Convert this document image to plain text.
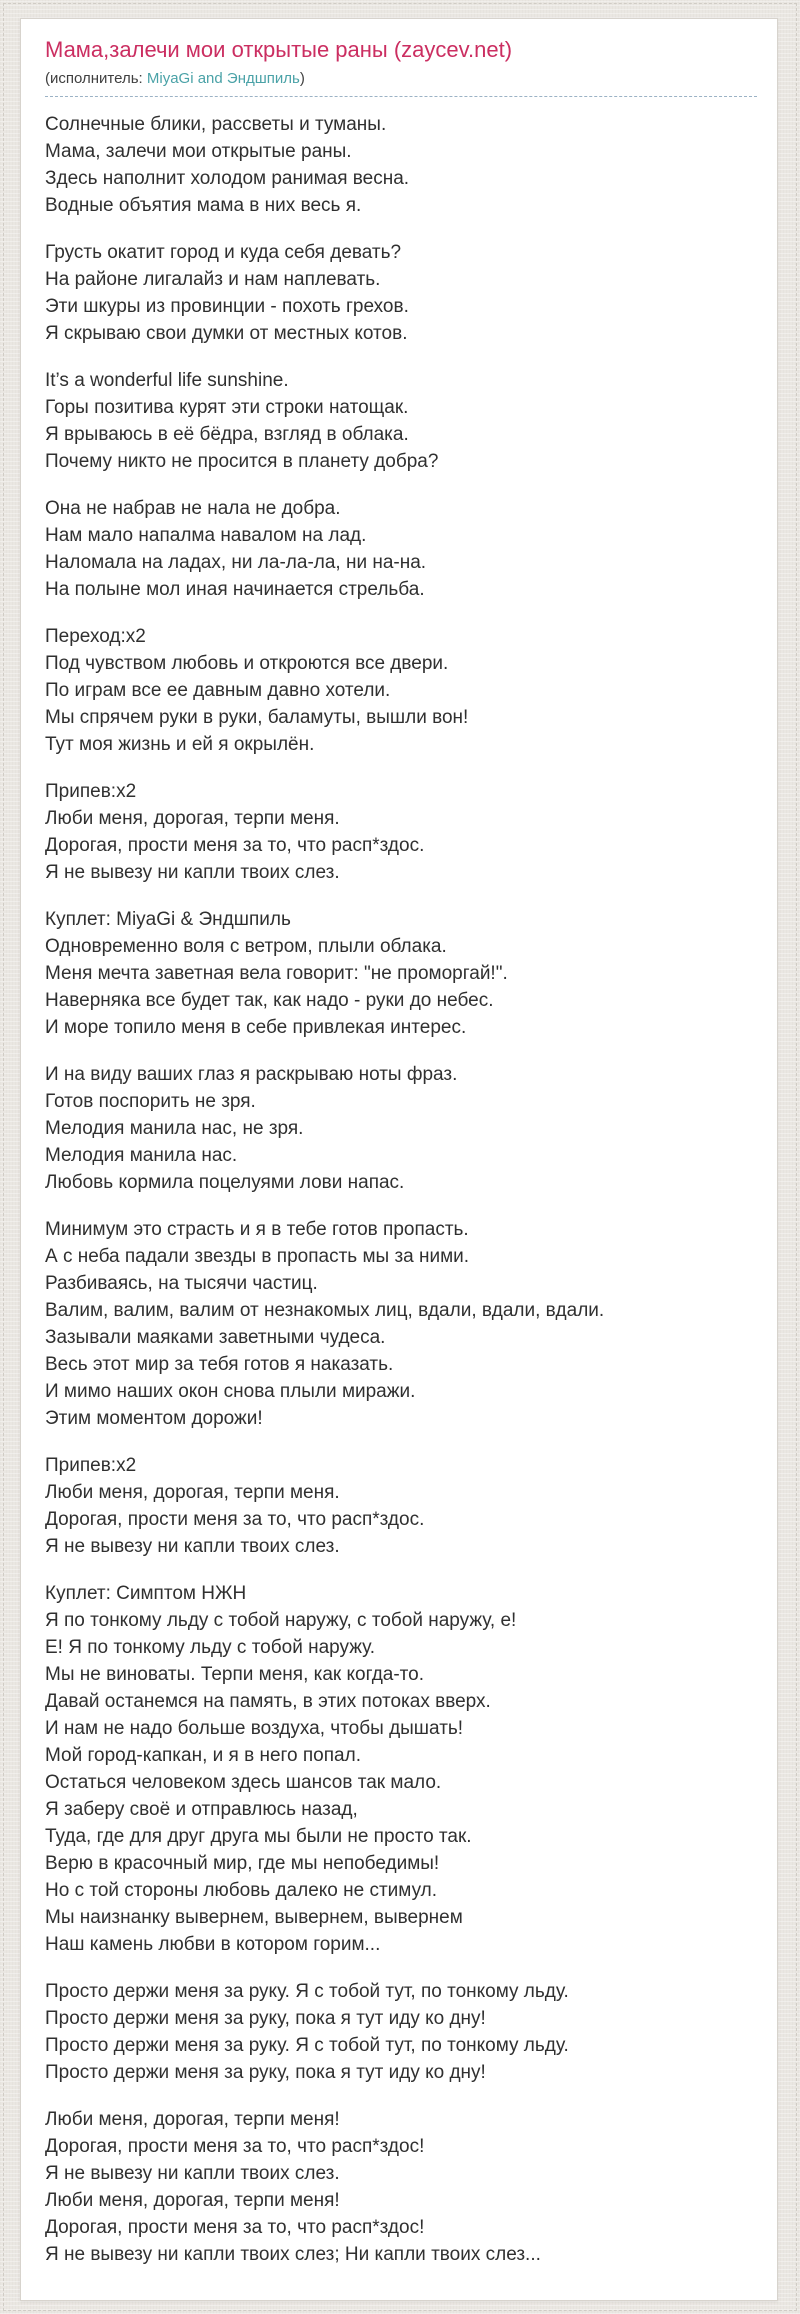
Мама,залечи мои открытые раны (zaycev.net)
(исполнитель: MiyaGi and Эндшпиль)

Солнечные блики, рассветы и туманы.
Мама, залечи мои открытые раны.
Здесь наполнит холодом ранимая весна.
Водные объятия мама в них весь я.

Грусть окатит город и куда себя девать?
На районе лигалайз и нам наплевать.
Эти шкуры из провинции - похоть грехов.
Я скрываю свои думки от местных котов.

It’s a wonderful life sunshine.
Горы позитива курят эти строки натощак.
Я врываюсь в её бёдра, взгляд в облака.
Почему никто не просится в планету добра?

Она не набрав не нала не добра.
Нам мало напалма навалом на лад.
Наломала на ладах, ни ла-ла-ла, ни на-на.
На полыне мол иная начинается стрельба.

Переход:x2
Под чувством любовь и откроются все двери.
По играм все ее давным давно хотели.
Мы спрячем руки в руки, баламуты, вышли вон!
Тут моя жизнь и ей я окрылён.

Припев:x2
Люби меня, дорогая, терпи меня.
Дорогая, прости меня за то, что расп*здос.
Я не вывезу ни капли твоих слез.

Куплет: MiyaGi & Эндшпиль
Одновременно воля с ветром, плыли облака.
Меня мечта заветная вела говорит: "не проморгай!".
Наверняка все будет так, как надо - руки до небес.
И море топило меня в себе привлекая интерес.

И на виду ваших глаз я раскрываю ноты фраз.
Готов поспорить не зря.
Мелодия манила нас, не зря.
Мелодия манила нас.
Любовь кормила поцелуями лови напас.

Минимум это страсть и я в тебе готов пропасть.
А с неба падали звезды в пропасть мы за ними.
Разбиваясь, на тысячи частиц.
Валим, валим, валим от незнакомых лиц, вдали, вдали, вдали.
Зазывали маяками заветными чудеса.
Весь этот мир за тебя готов я наказать.
И мимо наших окон снова плыли миражи.
Этим моментом дорожи!

Припев:x2
Люби меня, дорогая, терпи меня.
Дорогая, прости меня за то, что расп*здос.
Я не вывезу ни капли твоих слез.

Куплет: Симптом НЖН
Я по тонкому льду с тобой наружу, с тобой наружу, е!
Е! Я по тонкому льду с тобой наружу.
Мы не виноваты. Терпи меня, как когда-то.
Давай останемся на память, в этих потоках вверх.
И нам не надо больше воздуха, чтобы дышать!
Мой город-капкан, и я в него попал.
Остаться человеком здесь шансов так мало.
Я заберу своё и отправлюсь назад,
Туда, где для друг друга мы были не просто так.
Верю в красочный мир, где мы непобедимы!
Но с той стороны любовь далеко не стимул.
Мы наизнанку вывернем, вывернем, вывернем
Наш камень любви в котором горим...

Просто держи меня за руку. Я с тобой тут, по тонкому льду.
Просто держи меня за руку, пока я тут иду ко дну!
Просто держи меня за руку. Я с тобой тут, по тонкому льду.
Просто держи меня за руку, пока я тут иду ко дну!

Люби меня, дорогая, терпи меня!
Дорогая, прости меня за то, что расп*здос!
Я не вывезу ни капли твоих слез.
Люби меня, дорогая, терпи меня!
Дорогая, прости меня за то, что расп*здос!
Я не вывезу ни капли твоих слез; Ни капли твоих слез...
